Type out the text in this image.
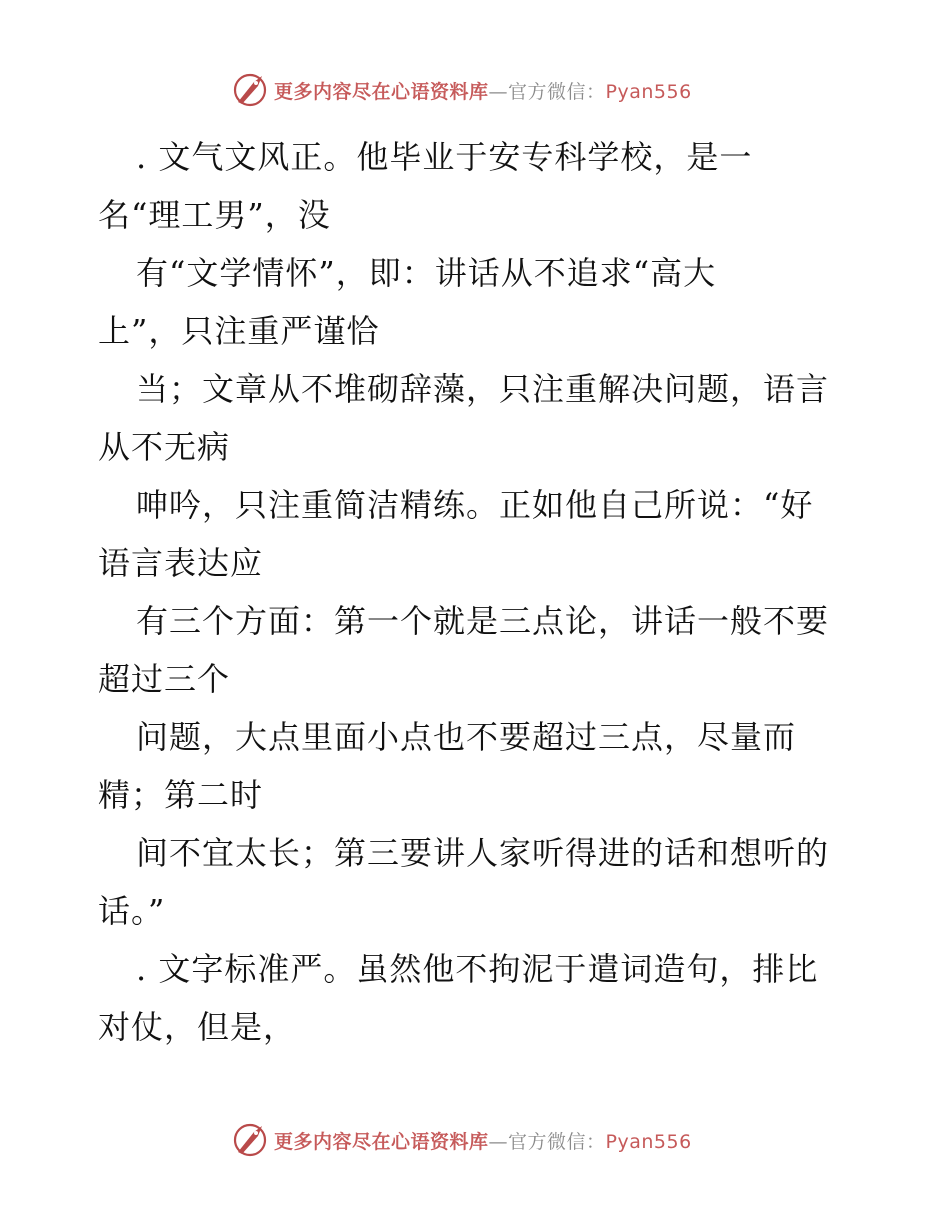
更多内容尽在心语资料库—官方微信：Pyan556
. 文气文风正。他毕业于安专科学校，是一
名“理工男”，没
有“文学情怀”，即：讲话从不追求“高大
上”，只注重严谨恰
当；文章从不堆砌辞藻，只注重解决问题，语言
从不无病
呻吟，只注重简洁精练。正如他自己所说：“好
语言表达应
有三个方面：第一个就是三点论，讲话一般不要
超过三个
问题，大点里面小点也不要超过三点，尽量而
精；第二时
间不宜太长；第三要讲人家听得进的话和想听的
话。”
. 文字标准严。虽然他不拘泥于遣词造句，排比
对仗，但是，
更多内容尽在心语资料库—官方微信：Pyan556
